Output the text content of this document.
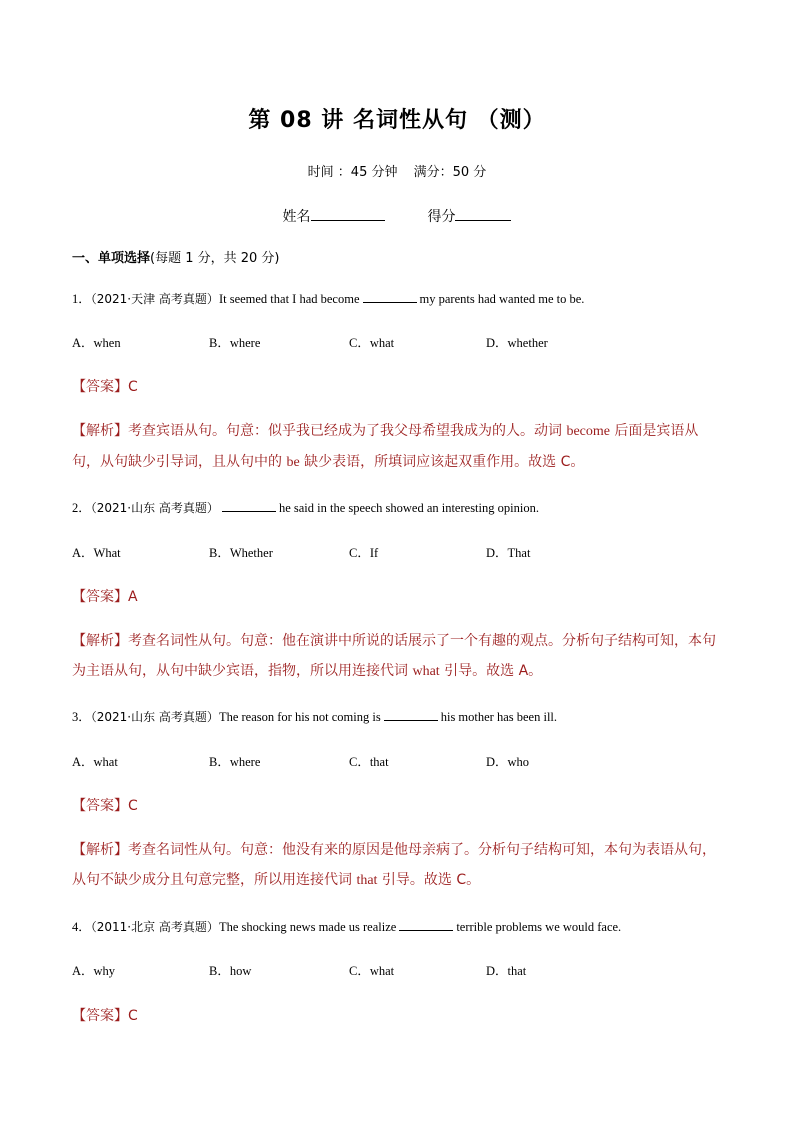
第 08 讲 名词性从句 （测）
时间 ：45 分钟 满分：50 分
姓名	得分
一、单项选择(每题 1 分，共 20 分)
1．（2021·天津 高考真题）It seemed that I had become	my parents had wanted me to be.
A．when	B．where	C．what	D．whether
【答案】C
【解析】考查宾语从句。句意：似乎我已经成为了我父母希望我成为的人。动词 become 后面是宾语从句，从句缺少引导词，且从句中的 be 缺少表语，所填词应该起双重作用。故选 C。
2．（2021·山东 高考真题）	he said in the speech showed an interesting opinion.
A．What	B．Whether	C．If	D．That
【答案】A
【解析】考查名词性从句。句意：他在演讲中所说的话展示了一个有趣的观点。分析句子结构可知，本句为主语从句，从句中缺少宾语，指物，所以用连接代词 what 引导。故选 A。
3．（2021·山东 高考真题）The reason for his not coming is	his mother has been ill.
A．what	B．where	C．that	D．who
【答案】C
【解析】考查名词性从句。句意：他没有来的原因是他母亲病了。分析句子结构可知，本句为表语从句，从句不缺少成分且句意完整，所以用连接代词 that 引导。故选 C。
4．（2011·北京 高考真题）The shocking news made us realize	terrible problems we would face.
A．why	B．how	C．what	D．that
【答案】C
